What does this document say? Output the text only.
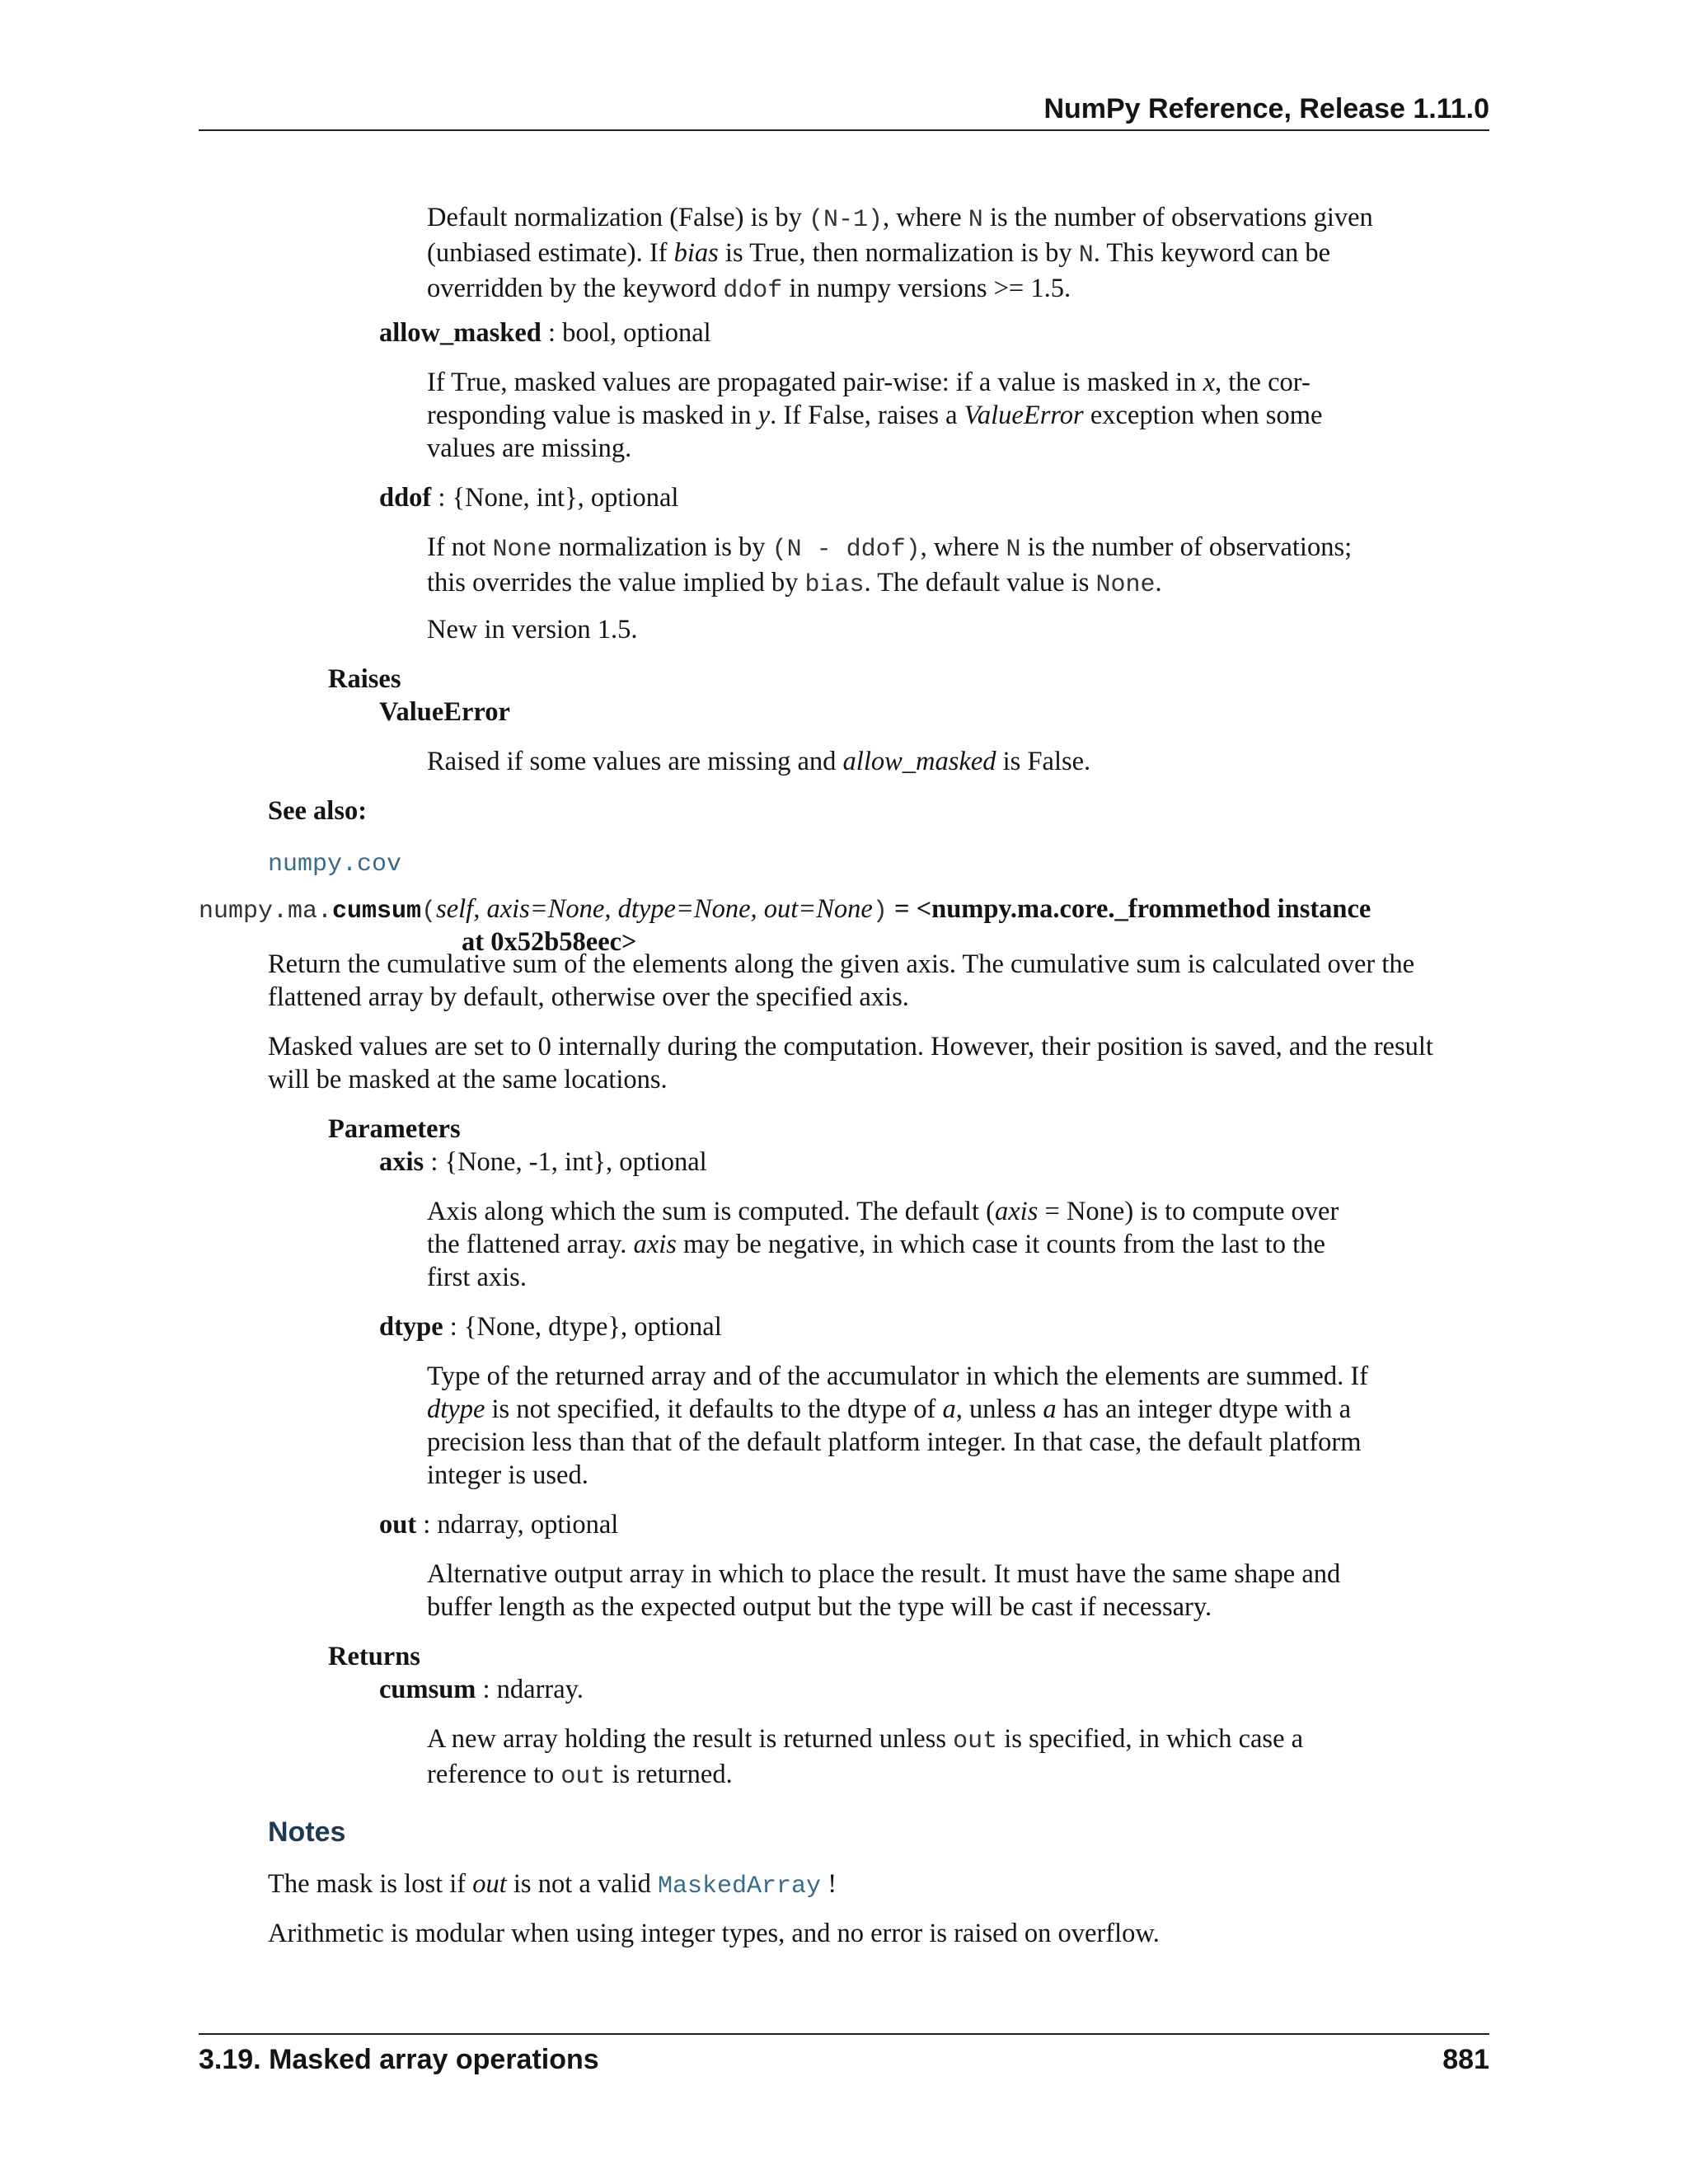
NumPy Reference, Release 1.11.0

Default normalization (False) is by (N-1), where N is the number of observations given
(unbiased estimate). If bias is True, then normalization is by N. This keyword can be
overridden by the keyword ddof in numpy versions >= 1.5.

allow_masked : bool, optional

If True, masked values are propagated pair-wise: if a value is masked in x, the cor-
responding value is masked in y. If False, raises a ValueError exception when some
values are missing.

ddof : {None, int}, optional

If not None normalization is by (N - ddof), where N is the number of observations;
this overrides the value implied by bias. The default value is None.

New in version 1.5.

Raises

ValueError

Raised if some values are missing and allow_masked is False.

See also:

numpy.cov

numpy.ma.cumsum(self, axis=None, dtype=None, out=None) = <numpy.ma.core._frommethod instance
at 0x52b58eec>

Return the cumulative sum of the elements along the given axis. The cumulative sum is calculated over the
flattened array by default, otherwise over the specified axis.

Masked values are set to 0 internally during the computation. However, their position is saved, and the result
will be masked at the same locations.

Parameters

axis : {None, -1, int}, optional

Axis along which the sum is computed. The default (axis = None) is to compute over
the flattened array. axis may be negative, in which case it counts from the last to the
first axis.

dtype : {None, dtype}, optional

Type of the returned array and of the accumulator in which the elements are summed. If
dtype is not specified, it defaults to the dtype of a, unless a has an integer dtype with a
precision less than that of the default platform integer. In that case, the default platform
integer is used.

out : ndarray, optional

Alternative output array in which to place the result. It must have the same shape and
buffer length as the expected output but the type will be cast if necessary.

Returns

cumsum : ndarray.

A new array holding the result is returned unless out is specified, in which case a
reference to out is returned.

Notes

The mask is lost if out is not a valid MaskedArray !

Arithmetic is modular when using integer types, and no error is raised on overflow.

3.19. Masked array operations	881
